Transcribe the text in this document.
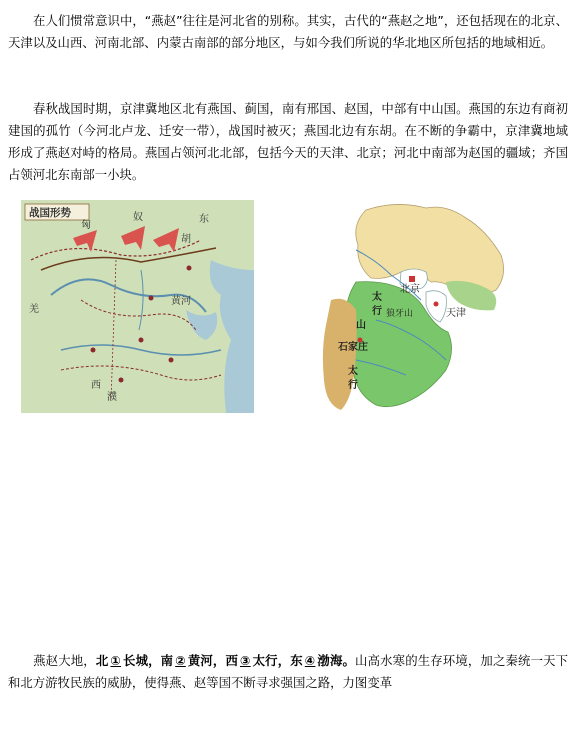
在人们惯常意识中，“燕赵”往往是河北省的别称。其实，古代的“燕赵之地”，还包括现在的北京、天津以及山西、河南北部、内蒙古南部的部分地区，与如今我们所说的华北地区所包括的地域相近。

春秋战国时期，京津冀地区北有燕国、蓟国，南有邢国、赵国，中部有中山国。燕国的东边有商初建国的孤竹（今河北卢龙、迁安一带），战国时被灭；燕国北边有东胡。在不断的争霸中，京津冀地域形成了燕赵对峙的格局。燕国占领河北北部，包括今天的天津、北京；河北中南部为赵国的疆域；齐国占领河北东南部一小块。

战国形势
匈
奴	东
胡
黄河
羌
西
濮
北京
天津
石家庄
太
行
山
狼牙山
太
行

燕赵大地，北 ① 长城，南 ② 黄河，西 ③ 太行，东 ④ 渤海。山高水寒的生存环境，加之秦统一天下和北方游牧民族的威胁，使得燕、赵等国不断寻求强国之路，力图变革
